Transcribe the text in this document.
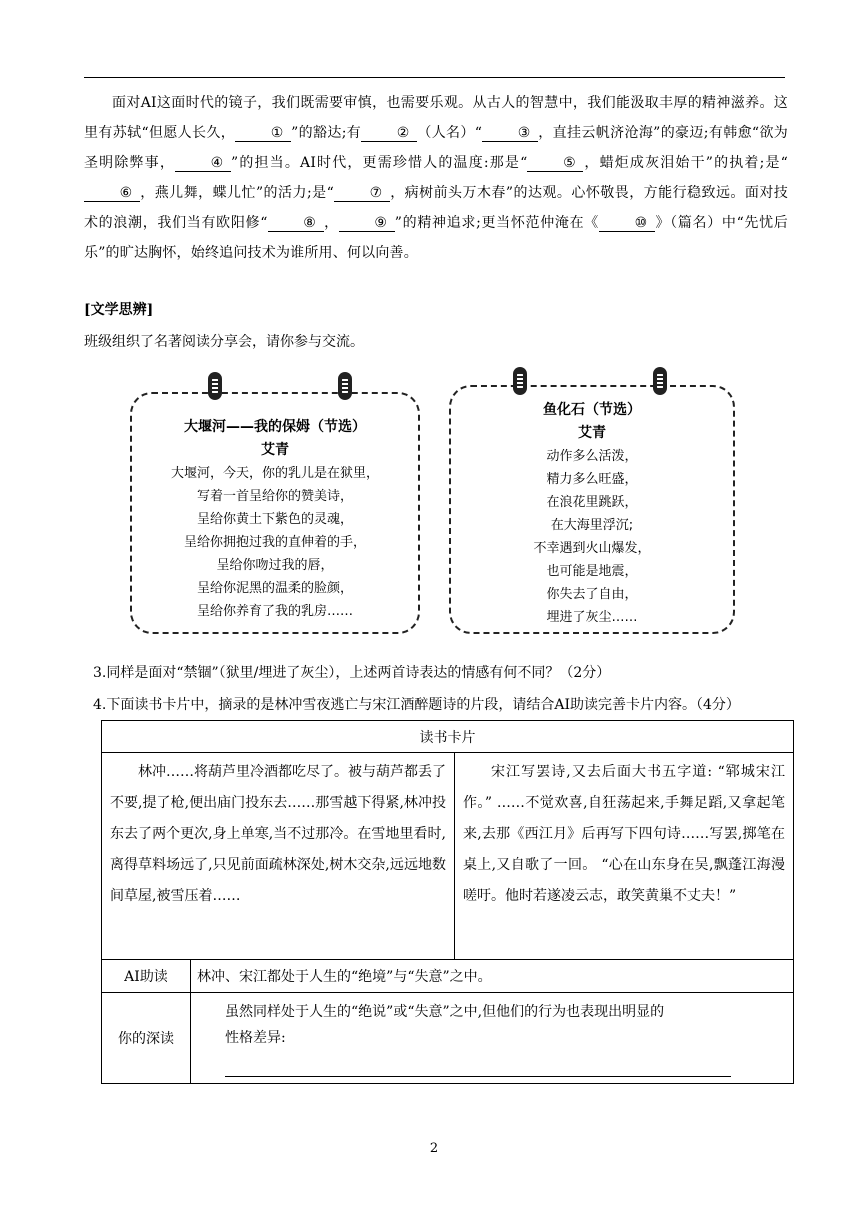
面对AI这面时代的镜子，我们既需要审慎，也需要乐观。从古人的智慧中，我们能汲取丰厚的精神滋养。这里有苏轼“但愿人长久，	① ”的豁达;有	② （人名）“	③ ，直挂云帆济沧海”的豪迈;有韩愈“欲为圣明除弊事，	④ ”的担当。AI时代，更需珍惜人的温度:那是“	⑤ ，蜡炬成灰泪始干”的执着;是“⑥ ，燕儿舞，蝶儿忙”的活力;是“	⑦ ，病树前头万木春”的达观。心怀敬畏，方能行稳致远。面对技术的浪潮，我们当有欧阳修“	⑧ ，	⑨ ”的精神追求;更当怀范仲淹在《	⑩ 》（篇名）中“先忧后乐”的旷达胸怀，始终追问技术为谁所用、何以向善。

[文学思辨]
班级组织了名著阅读分享会，请你参与交流。
大堰河——我的保姆（节选）
艾青
大堰河，今天，你的乳儿是在狱里，
写着一首呈给你的赞美诗，
呈给你黄土下紫色的灵魂，
呈给你拥抱过我的直伸着的手，
呈给你吻过我的唇，
呈给你泥黑的温柔的脸颜，
呈给你养育了我的乳房……
鱼化石（节选）
艾青
动作多么活泼，
精力多么旺盛，
在浪花里跳跃，
在大海里浮沉;
不幸遇到火山爆发，
也可能是地震，
你失去了自由，
埋进了灰尘……
3.同样是面对“禁锢”（狱里/埋进了灰尘），上述两首诗表达的情感有何不同？（2分）
4.下面读书卡片中，摘录的是林冲雪夜逃亡与宋江酒醉题诗的片段，请结合AI助读完善卡片内容。（4分）
读书卡片		
林冲……将葫芦里冷酒都吃尽了。被与葫芦都丢了不要,提了枪,便出庙门投东去……那雪越下得紧,林冲投东去了两个更次,身上单寒,当不过那冷。在雪地里看时,离得草料场远了,只见前面疏林深处,树木交杂,远远地数间草屋,被雪压着……		宋江写罢诗,又去后面大书五字道: “郓城宋江作。” ……不觉欢喜,自狂荡起来,手舞足蹈,又拿起笔来,去那《西江月》后再写下四句诗……写罢,掷笔在桌上,又自歌了一回。 “心在山东身在吴,飘蓬江海漫嗟吁。他时若遂凌云志，敢笑黄巢不丈夫！”
AI助读	林冲、宋江都处于人生的“绝境”与“失意”之中。	
你的深读	虽然同样处于人生的“绝说”或“失意”之中,但他们的行为也表现出明显的
性格差异:	
2
